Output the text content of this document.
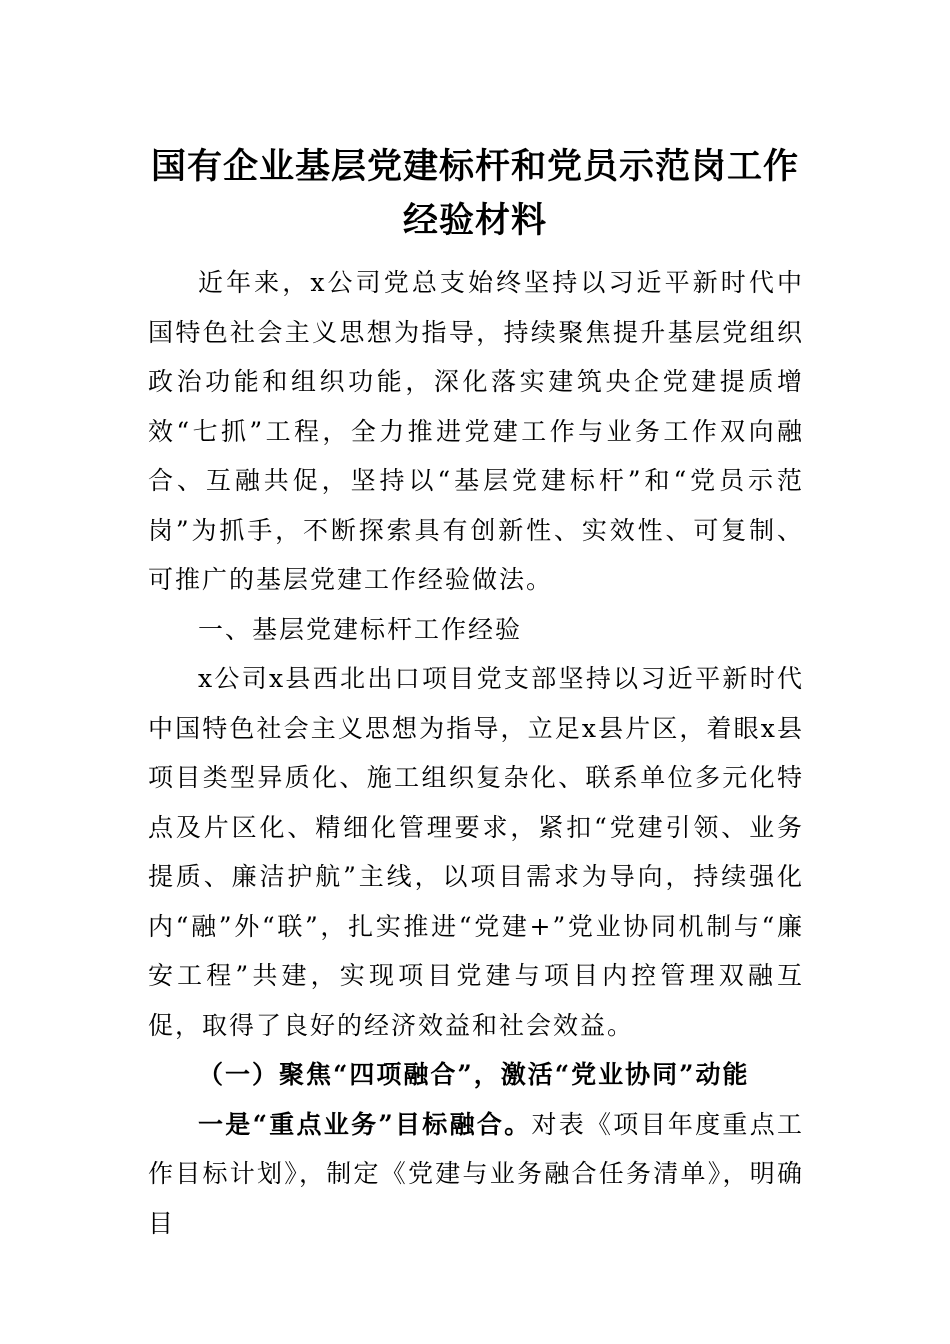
国有企业基层党建标杆和党员示范岗工作
经验材料

近年来，x公司党总支始终坚持以习近平新时代中国特色社会主义思想为指导，持续聚焦提升基层党组织政治功能和组织功能，深化落实建筑央企党建提质增效“七抓”工程，全力推进党建工作与业务工作双向融合、互融共促，坚持以“基层党建标杆”和“党员示范岗”为抓手，不断探索具有创新性、实效性、可复制、可推广的基层党建工作经验做法。

一、基层党建标杆工作经验

x公司x县西北出口项目党支部坚持以习近平新时代中国特色社会主义思想为指导，立足x县片区，着眼x县项目类型异质化、施工组织复杂化、联系单位多元化特点及片区化、精细化管理要求，紧扣“党建引领、业务提质、廉洁护航”主线，以项目需求为导向，持续强化内“融”外“联”，扎实推进“党建+”党业协同机制与“廉安工程”共建，实现项目党建与项目内控管理双融互促，取得了良好的经济效益和社会效益。

（一）聚焦“四项融合”，激活“党业协同”动能

一是“重点业务”目标融合。对表《项目年度重点工作目标计划》，制定《党建与业务融合任务清单》，明确目
